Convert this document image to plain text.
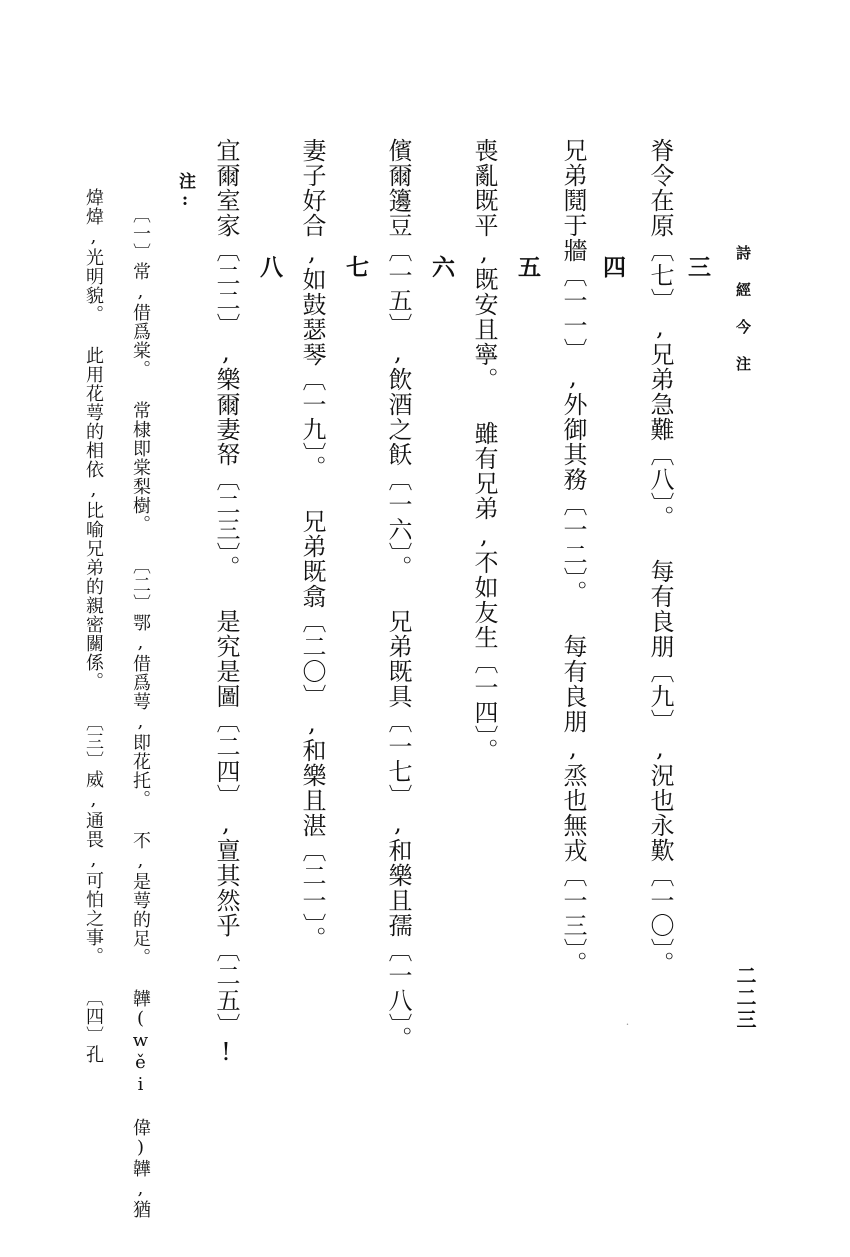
詩經今注
二二三
三
脊令在原〔七〕,兄弟急難〔八〕。 每有良朋〔九〕,況也永歎〔一〇〕。
四
兄弟鬩于牆〔一一〕,外御其務〔一二〕。 每有良朋,烝也無戎〔一三〕。
五
喪亂既平,既安且寧。 雖有兄弟,不如友生〔一四〕。
六
儐爾籩豆〔一五〕,飲酒之飫〔一六〕。 兄弟既具〔一七〕,和樂且孺〔一八〕。
七
妻子好合,如鼓瑟琴〔一九〕。 兄弟既翕〔二〇〕,和樂且湛〔二一〕。
八
宜爾室家〔二二〕,樂爾妻帑〔二三〕。 是究是圖〔二四〕,亶其然乎〔二五〕!
注:
〔一〕常,借爲棠。 常棣即棠梨樹。 〔二〕鄂,借爲萼,即花托。 不,是萼的足。 韡(wěi 偉)韡,猶
煒煒,光明貌。 此用花萼的相依,比喻兄弟的親密關係。 〔三〕威,通畏,可怕之事。 〔四〕孔	·
